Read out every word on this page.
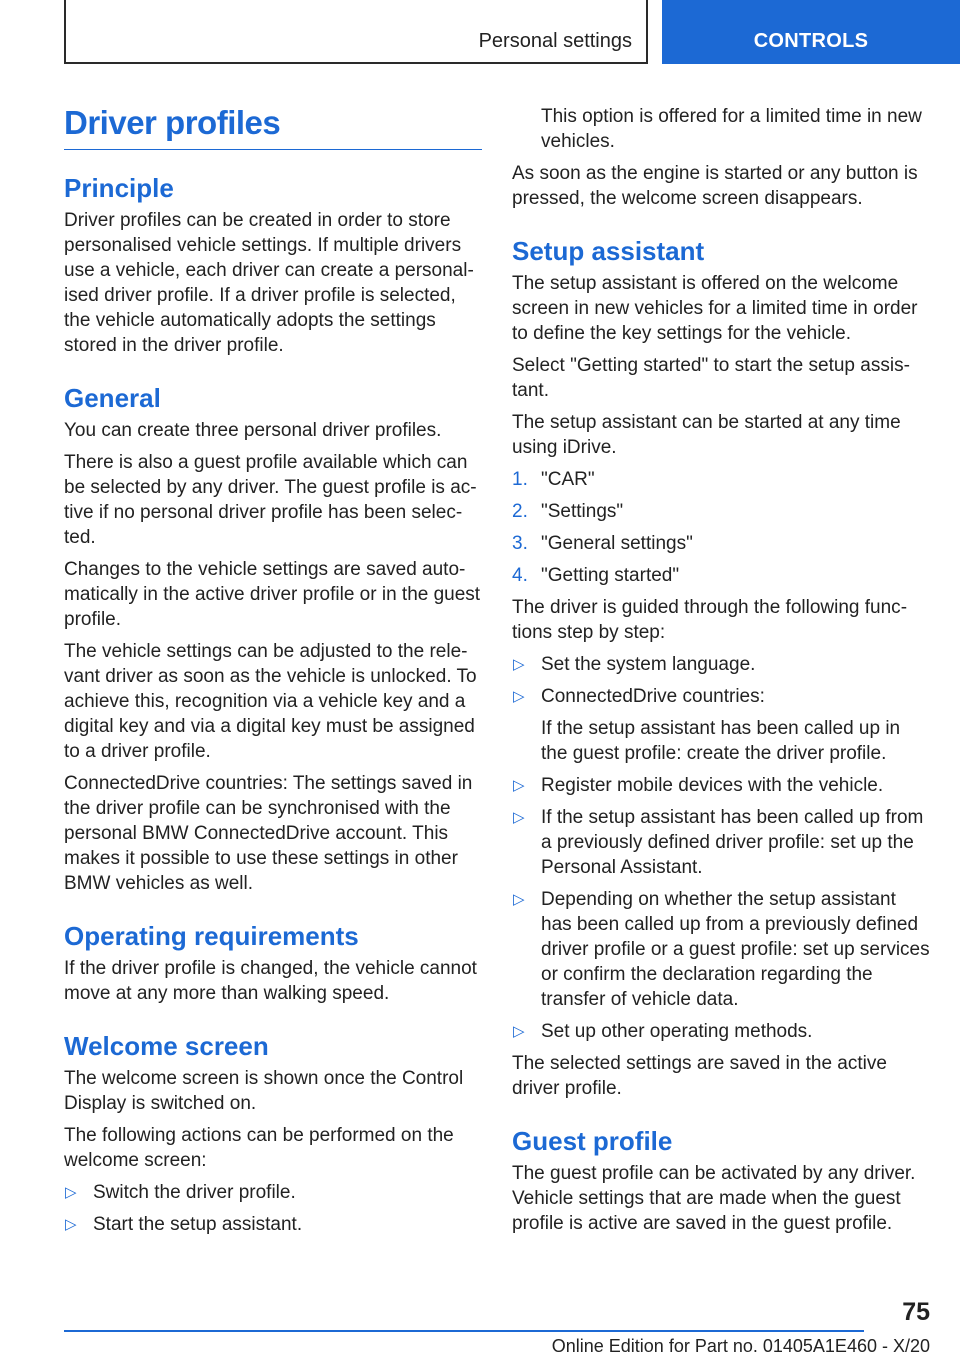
Personal settings	CONTROLS
Driver profiles
Principle

Driver profiles can be created in order to store personalised vehicle settings. If multiple drivers use a vehicle, each driver can create a personalised driver profile. If a driver profile is selected, the vehicle automatically adopts the settings stored in the driver profile.

General

You can create three personal driver profiles.

There is also a guest profile available which can be selected by any driver. The guest profile is active if no personal driver profile has been selected.

Changes to the vehicle settings are saved automatically in the active driver profile or in the guest profile.

The vehicle settings can be adjusted to the relevant driver as soon as the vehicle is unlocked. To achieve this, recognition via a vehicle key and a digital key and via a digital key must be assigned to a driver profile.

ConnectedDrive countries: The settings saved in the driver profile can be synchronised with the personal BMW ConnectedDrive account. This makes it possible to use these settings in other BMW vehicles as well.

Operating requirements

If the driver profile is changed, the vehicle cannot move at any more than walking speed.

Welcome screen

The welcome screen is shown once the Control Display is switched on.

The following actions can be performed on the welcome screen:

▷ Switch the driver profile.
▷ Start the setup assistant.

This option is offered for a limited time in new vehicles.

As soon as the engine is started or any button is pressed, the welcome screen disappears.

Setup assistant

The setup assistant is offered on the welcome screen in new vehicles for a limited time in order to define the key settings for the vehicle.

Select "Getting started" to start the setup assistant.

The setup assistant can be started at any time using iDrive.

1. "CAR"
2. "Settings"
3. "General settings"
4. "Getting started"

The driver is guided through the following functions step by step:

▷ Set the system language.
▷ ConnectedDrive countries:
If the setup assistant has been called up in the guest profile: create the driver profile.
▷ Register mobile devices with the vehicle.
▷ If the setup assistant has been called up from a previously defined driver profile: set up the Personal Assistant.
▷ Depending on whether the setup assistant has been called up from a previously defined driver profile or a guest profile: set up services or confirm the declaration regarding the transfer of vehicle data.
▷ Set up other operating methods.

The selected settings are saved in the active driver profile.

Guest profile

The guest profile can be activated by any driver. Vehicle settings that are made when the guest profile is active are saved in the guest profile.

75
Online Edition for Part no. 01405A1E460 - X/20
